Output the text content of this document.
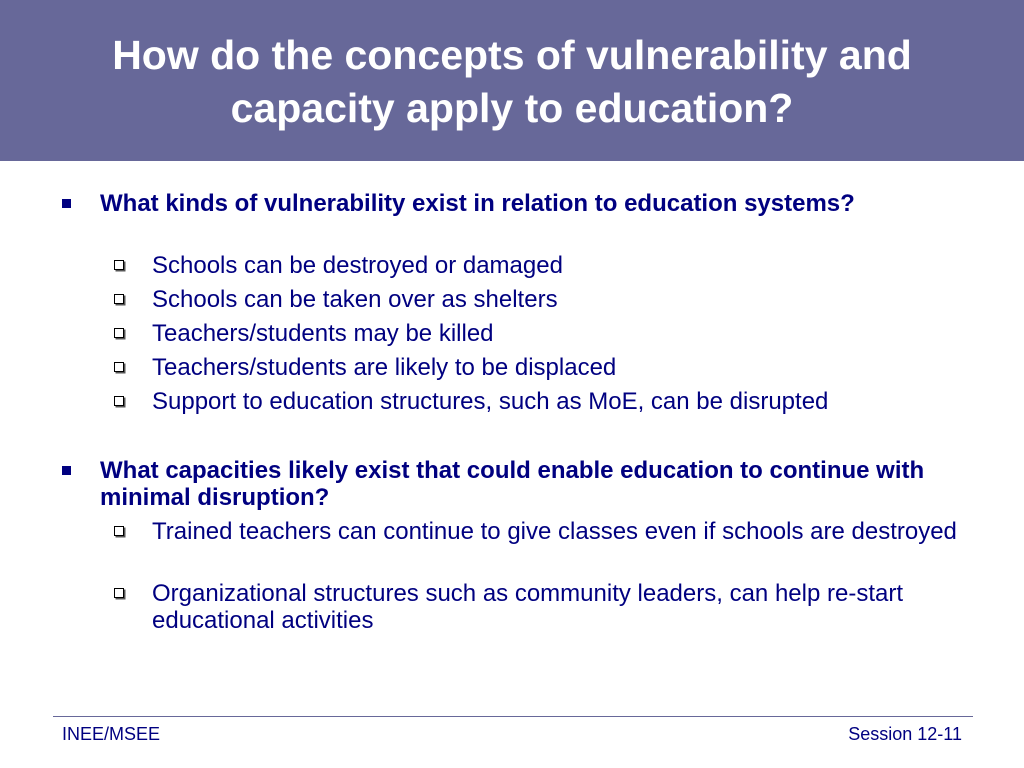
How do the concepts of vulnerability and capacity apply to education?
What kinds of vulnerability exist in relation to education systems?
Schools can be destroyed or damaged
Schools can be taken over as shelters
Teachers/students may be killed
Teachers/students are likely to be displaced
Support to education structures, such as MoE, can be disrupted
What capacities likely exist that could enable education to continue with minimal disruption?
Trained teachers can continue to give classes even if schools are destroyed
Organizational structures such as community leaders, can help re-start educational activities
INEE/MSEE	Session 12-11
